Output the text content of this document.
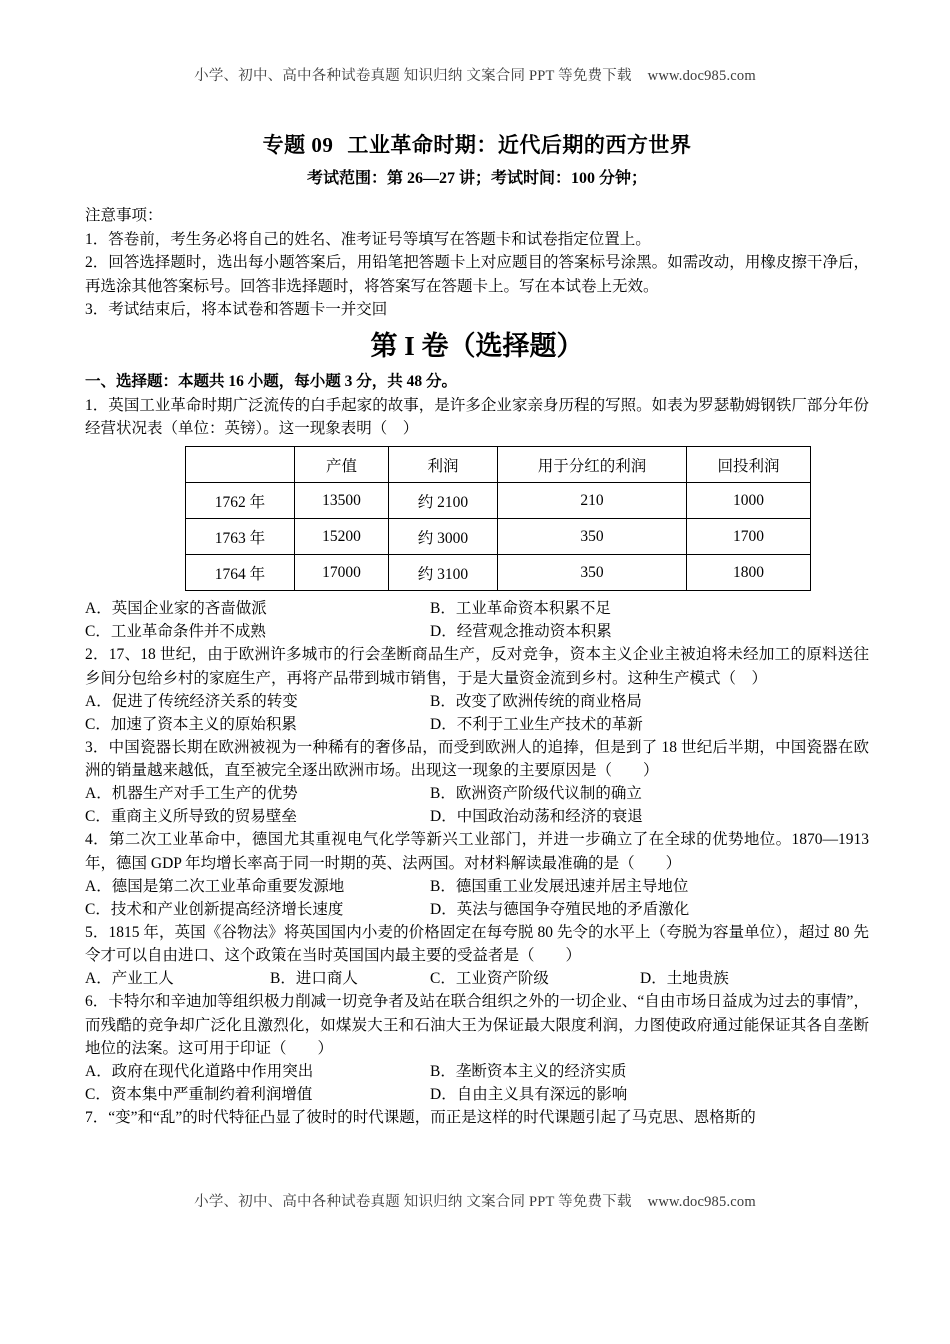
小学、初中、高中各种试卷真题 知识归纳 文案合同 PPT 等免费下载 www.doc985.com
专题 09 工业革命时期：近代后期的西方世界
考试范围：第 26—27 讲；考试时间：100 分钟；
注意事项：
1．答卷前，考生务必将自己的姓名、准考证号等填写在答题卡和试卷指定位置上。
2．回答选择题时，选出每小题答案后，用铅笔把答题卡上对应题目的答案标号涂黑。如需改动，用橡皮擦干净后，再选涂其他答案标号。回答非选择题时，将答案写在答题卡上。写在本试卷上无效。
3．考试结束后，将本试卷和答题卡一并交回
第 I 卷（选择题）
一、选择题：本题共 16 小题，每小题 3 分，共 48 分。
1．英国工业革命时期广泛流传的白手起家的故事，是许多企业家亲身历程的写照。如表为罗瑟勒姆钢铁厂部分年份经营状况表（单位：英镑）。这一现象表明（　）
	产值	利润	用于分红的利润	回投利润
1762 年	13500	约 2100	210	1000
1763 年	15200	约 3000	350	1700
1764 年	17000	约 3100	350	1800
A．英国企业家的吝啬做派	B．工业革命资本积累不足
C．工业革命条件并不成熟	D．经营观念推动资本积累
2．17、18 世纪，由于欧洲许多城市的行会垄断商品生产，反对竞争，资本主义企业主被迫将未经加工的原料送往乡间分包给乡村的家庭生产，再将产品带到城市销售，于是大量资金流到乡村。这种生产模式（　）
A．促进了传统经济关系的转变	B．改变了欧洲传统的商业格局
C．加速了资本主义的原始积累	D．不利于工业生产技术的革新
3．中国瓷器长期在欧洲被视为一种稀有的奢侈品，而受到欧洲人的追捧，但是到了 18 世纪后半期，中国瓷器在欧洲的销量越来越低，直至被完全逐出欧洲市场。出现这一现象的主要原因是（　　）
A．机器生产对手工生产的优势	B．欧洲资产阶级代议制的确立
C．重商主义所导致的贸易壁垒	D．中国政治动荡和经济的衰退
4．第二次工业革命中，德国尤其重视电气化学等新兴工业部门，并进一步确立了在全球的优势地位。1870—1913 年，德国 GDP 年均增长率高于同一时期的英、法两国。对材料解读最准确的是（　　）
A．德国是第二次工业革命重要发源地	B．德国重工业发展迅速并居主导地位
C．技术和产业创新提高经济增长速度	D．英法与德国争夺殖民地的矛盾激化
5．1815 年，英国《谷物法》将英国国内小麦的价格固定在每夸脱 80 先令的水平上（夸脱为容量单位），超过 80 先令才可以自由进口、这个政策在当时英国国内最主要的受益者是（　　）
A．产业工人	B．进口商人	C．工业资产阶级	D．土地贵族
6．卡特尔和辛迪加等组织极力削减一切竞争者及站在联合组织之外的一切企业、“自由市场日益成为过去的事情”，而残酷的竞争却广泛化且激烈化，如煤炭大王和石油大王为保证最大限度利润，力图使政府通过能保证其各自垄断地位的法案。这可用于印证（　　）
A．政府在现代化道路中作用突出	B．垄断资本主义的经济实质
C．资本集中严重制约着利润增值	D．自由主义具有深远的影响
7．“变”和“乱”的时代特征凸显了彼时的时代课题，而正是这样的时代课题引起了马克思、恩格斯的
小学、初中、高中各种试卷真题 知识归纳 文案合同 PPT 等免费下载 www.doc985.com
